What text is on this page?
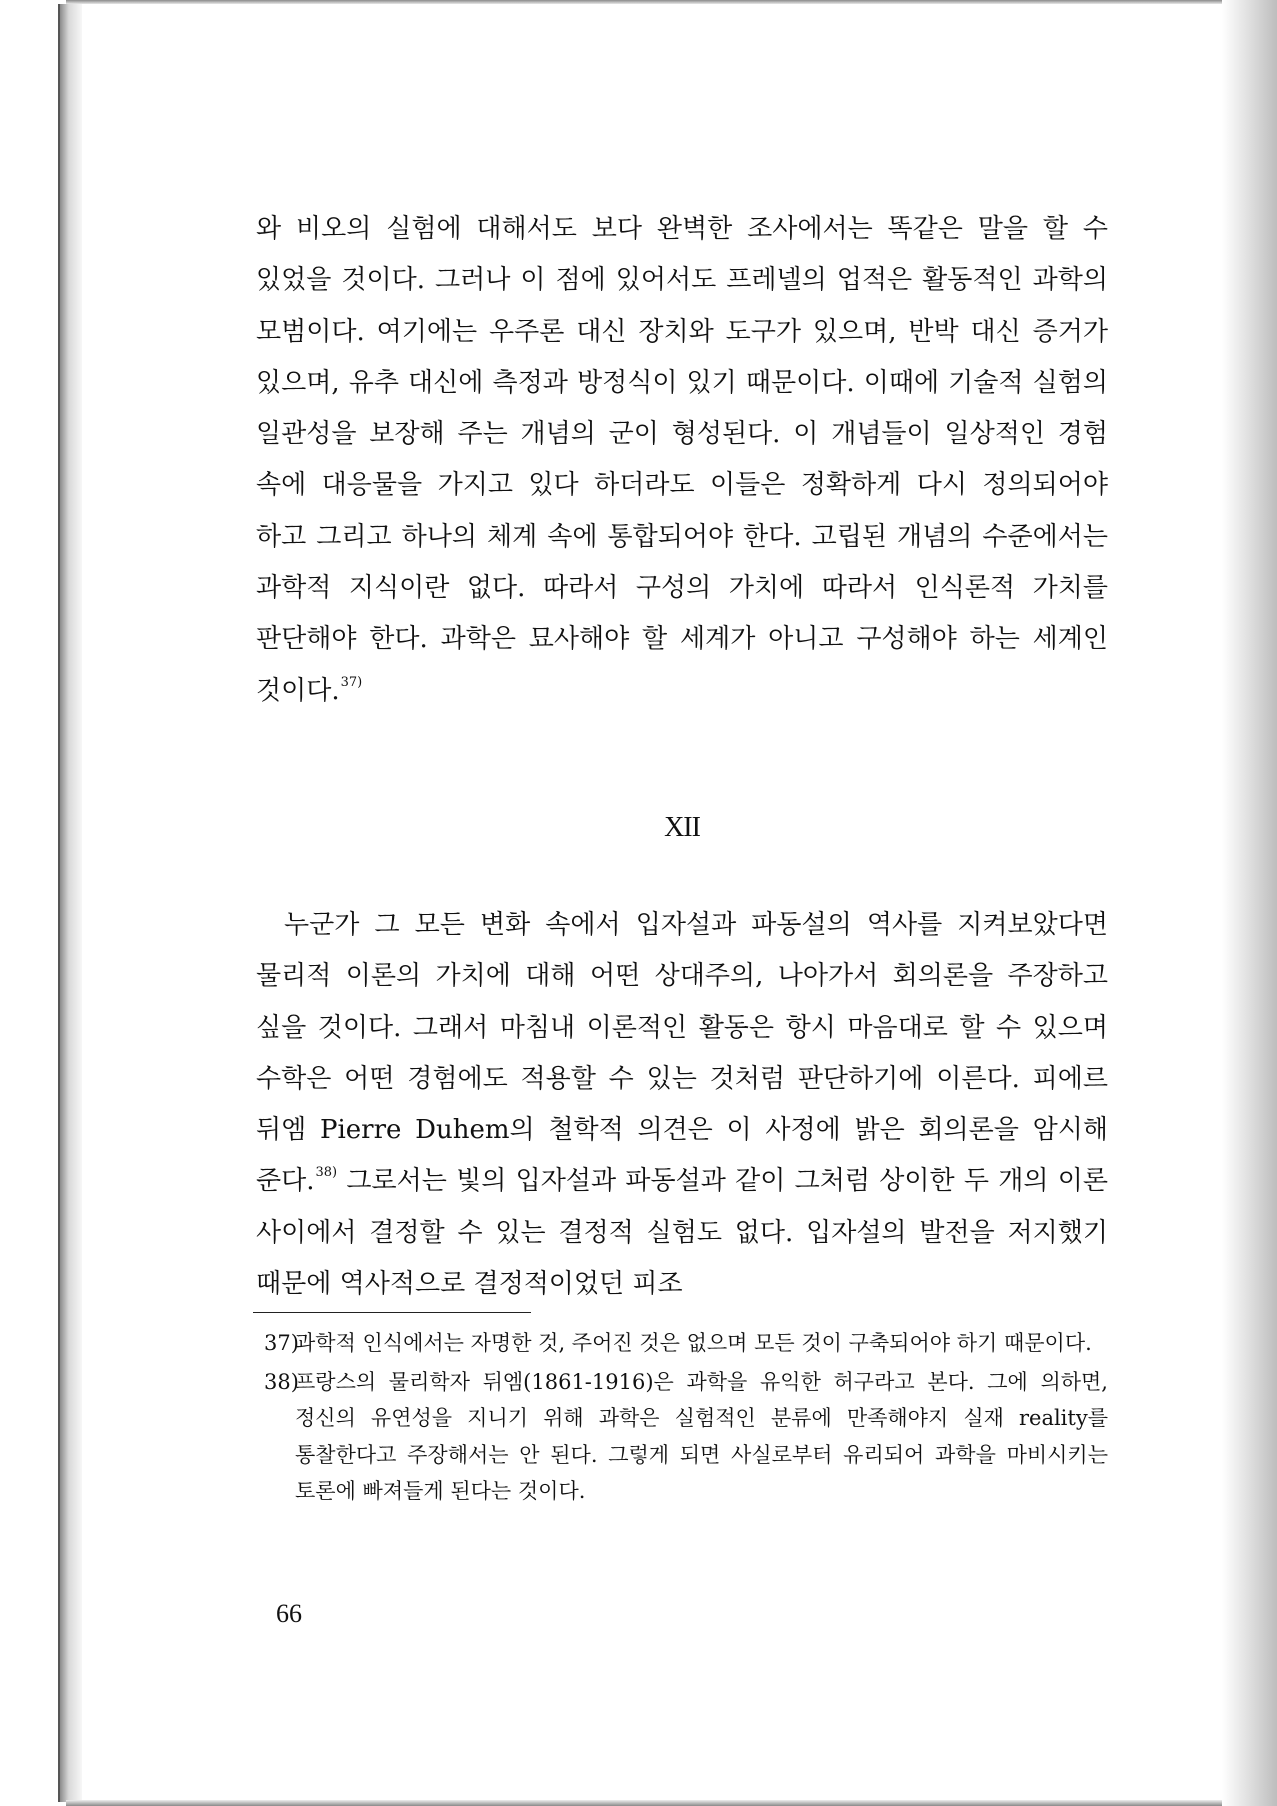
와 비오의 실험에 대해서도 보다 완벽한 조사에서는 똑같은 말을 할 수 있었을 것이다. 그러나 이 점에 있어서도 프레넬의 업적은 활동적인 과학의 모범이다. 여기에는 우주론 대신 장치와 도구가 있으며, 반박 대신 증거가 있으며, 유추 대신에 측정과 방정식이 있기 때문이다. 이때에 기술적 실험의 일관성을 보장해 주는 개념의 군이 형성된다. 이 개념들이 일상적인 경험 속에 대응물을 가지고 있다 하더라도 이들은 정확하게 다시 정의되어야 하고 그리고 하나의 체계 속에 통합되어야 한다. 고립된 개념의 수준에서는 과학적 지식이란 없다. 따라서 구성의 가치에 따라서 인식론적 가치를 판단해야 한다. 과학은 묘사해야 할 세계가 아니고 구성해야 하는 세계인 것이다.$^{37)}$

XII

누군가 그 모든 변화 속에서 입자설과 파동설의 역사를 지켜보았다면 물리적 이론의 가치에 대해 어떤 상대주의, 나아가서 회의론을 주장하고 싶을 것이다. 그래서 마침내 이론적인 활동은 항시 마음대로 할 수 있으며 수학은 어떤 경험에도 적용할 수 있는 것처럼 판단하기에 이른다. 피에르 뒤엠 Pierre Duhem의 철학적 의견은 이 사정에 밝은 회의론을 암시해 준다.$^{38)}$ 그로서는 빛의 입자설과 파동설과 같이 그처럼 상이한 두 개의 이론 사이에서 결정할 수 있는 결정적 실험도 없다. 입자설의 발전을 저지했기 때문에 역사적으로 결정적이었던 피조

37)
과학적 인식에서는 자명한 것, 주어진 것은 없으며 모든 것이 구축되어야 하기 때문이다.
38)
프랑스의 물리학자 뒤엠(1861-1916)은 과학을 유익한 허구라고 본다. 그에 의하면, 정신의 유연성을 지니기 위해 과학은 실험적인 분류에 만족해야지 실재 reality를 통찰한다고 주장해서는 안 된다. 그렇게 되면 사실로부터 유리되어 과학을 마비시키는 토론에 빠져들게 된다는 것이다.
66
